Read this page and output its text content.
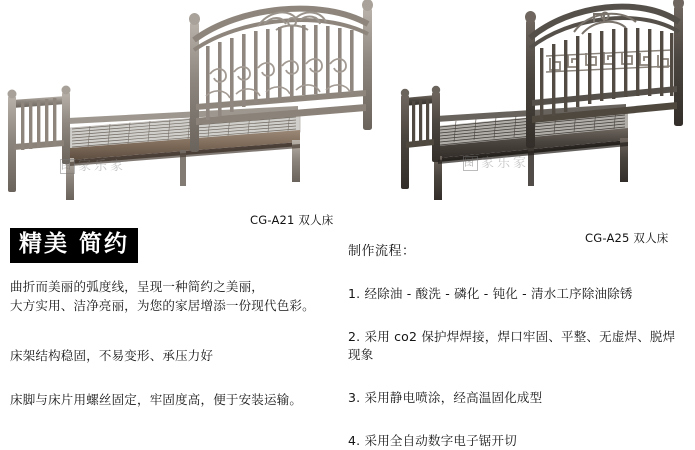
图 家乐家	图 家乐家
CG-A21 双人床
CG-A25 双人床
精美 简约
曲折而美丽的弧度线，呈现一种简约之美丽，
大方实用、洁净亮丽，为您的家居增添一份现代色彩。
床架结构稳固，不易变形、承压力好
床脚与床片用螺丝固定，牢固度高，便于安装运输。
制作流程：
1. 经除油 - 酸洗 - 磷化 - 钝化 - 清水工序除油除锈
2. 采用 co2 保护焊焊接，焊口牢固、平整、无虚焊、脱焊现象
3. 采用静电喷涂，经高温固化成型
4. 采用全自动数字电子锯开切
